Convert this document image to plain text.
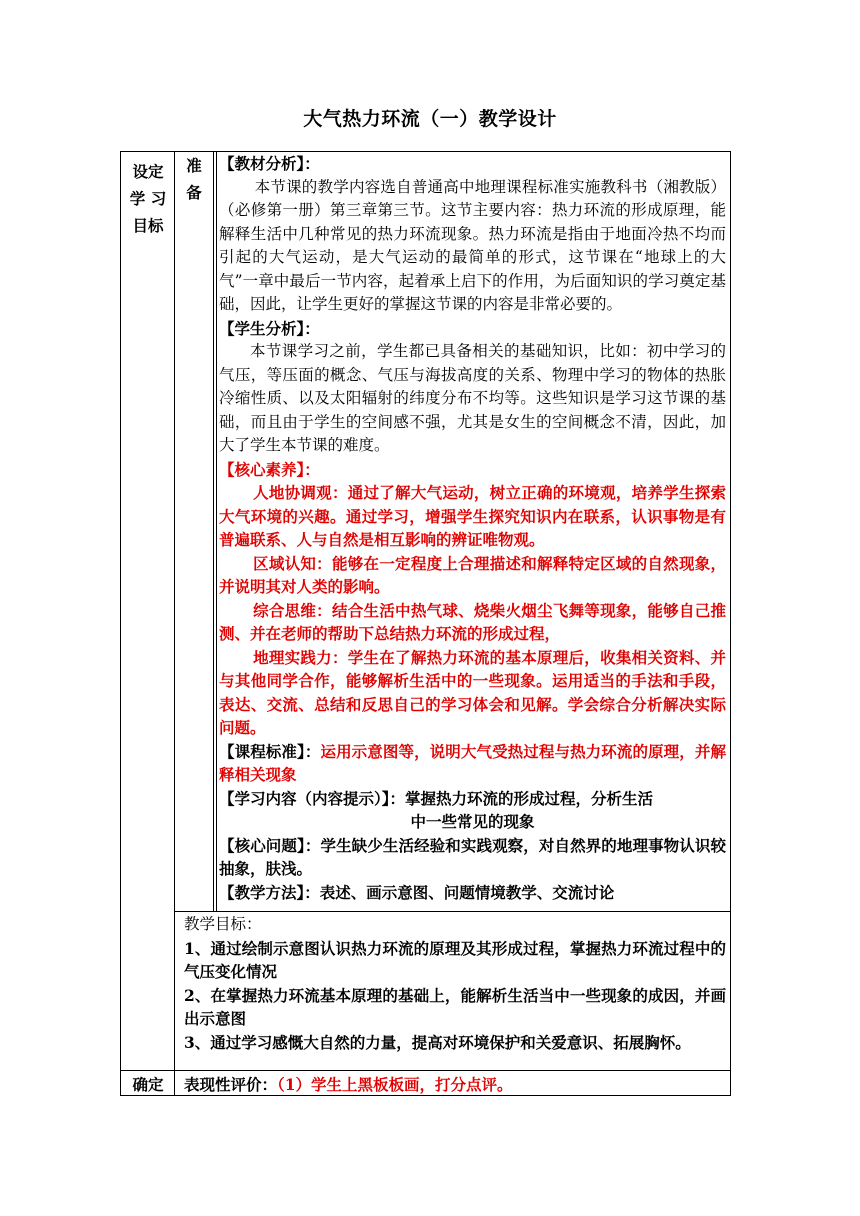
大气热力环流（一）教学设计
设定
学 习
目标
准
备

【教材分析】：

本节课的教学内容选自普通高中地理课程标准实施教科书（湘教版）（必修第一册）第三章第三节。这节主要内容：热力环流的形成原理，能解释生活中几种常见的热力环流现象。热力环流是指由于地面冷热不均而引起的大气运动，是大气运动的最简单的形式，这节课在“地球上的大气”一章中最后一节内容，起着承上启下的作用，为后面知识的学习奠定基础，因此，让学生更好的掌握这节课的内容是非常必要的。

【学生分析】：

本节课学习之前，学生都已具备相关的基础知识，比如：初中学习的气压，等压面的概念、气压与海拔高度的关系、物理中学习的物体的热胀冷缩性质、以及太阳辐射的纬度分布不均等。这些知识是学习这节课的基础，而且由于学生的空间感不强，尤其是女生的空间概念不清，因此，加大了学生本节课的难度。

【核心素养】：

人地协调观：通过了解大气运动，树立正确的环境观，培养学生探索大气环境的兴趣。通过学习，增强学生探究知识内在联系，认识事物是有普遍联系、人与自然是相互影响的辨证唯物观。

区域认知：能够在一定程度上合理描述和解释特定区域的自然现象，并说明其对人类的影响。

综合思维：结合生活中热气球、烧柴火烟尘飞舞等现象，能够自己推测、并在老师的帮助下总结热力环流的形成过程，

地理实践力：学生在了解热力环流的基本原理后，收集相关资料、并与其他同学合作，能够解析生活中的一些现象。运用适当的手法和手段，表达、交流、总结和反思自己的学习体会和见解。学会综合分析解决实际问题。

【课程标准】：运用示意图等，说明大气受热过程与热力环流的原理，并解释相关现象

【学习内容（内容提示）】：掌握热力环流的形成过程，分析生活

中一些常见的现象

【核心问题】：学生缺少生活经验和实践观察，对自然界的地理事物认识较抽象，肤浅。

【教学方法】：表述、画示意图、问题情境教学、交流讨论

教学目标：

1、通过绘制示意图认识热力环流的原理及其形成过程，掌握热力环流过程中的气压变化情况

2、在掌握热力环流基本原理的基础上，能解析生活当中一些现象的成因，并画出示意图

3、通过学习感慨大自然的力量，提高对环境保护和关爱意识、拓展胸怀。

确定	表现性评价：（1）学生上黑板板画，打分点评。
